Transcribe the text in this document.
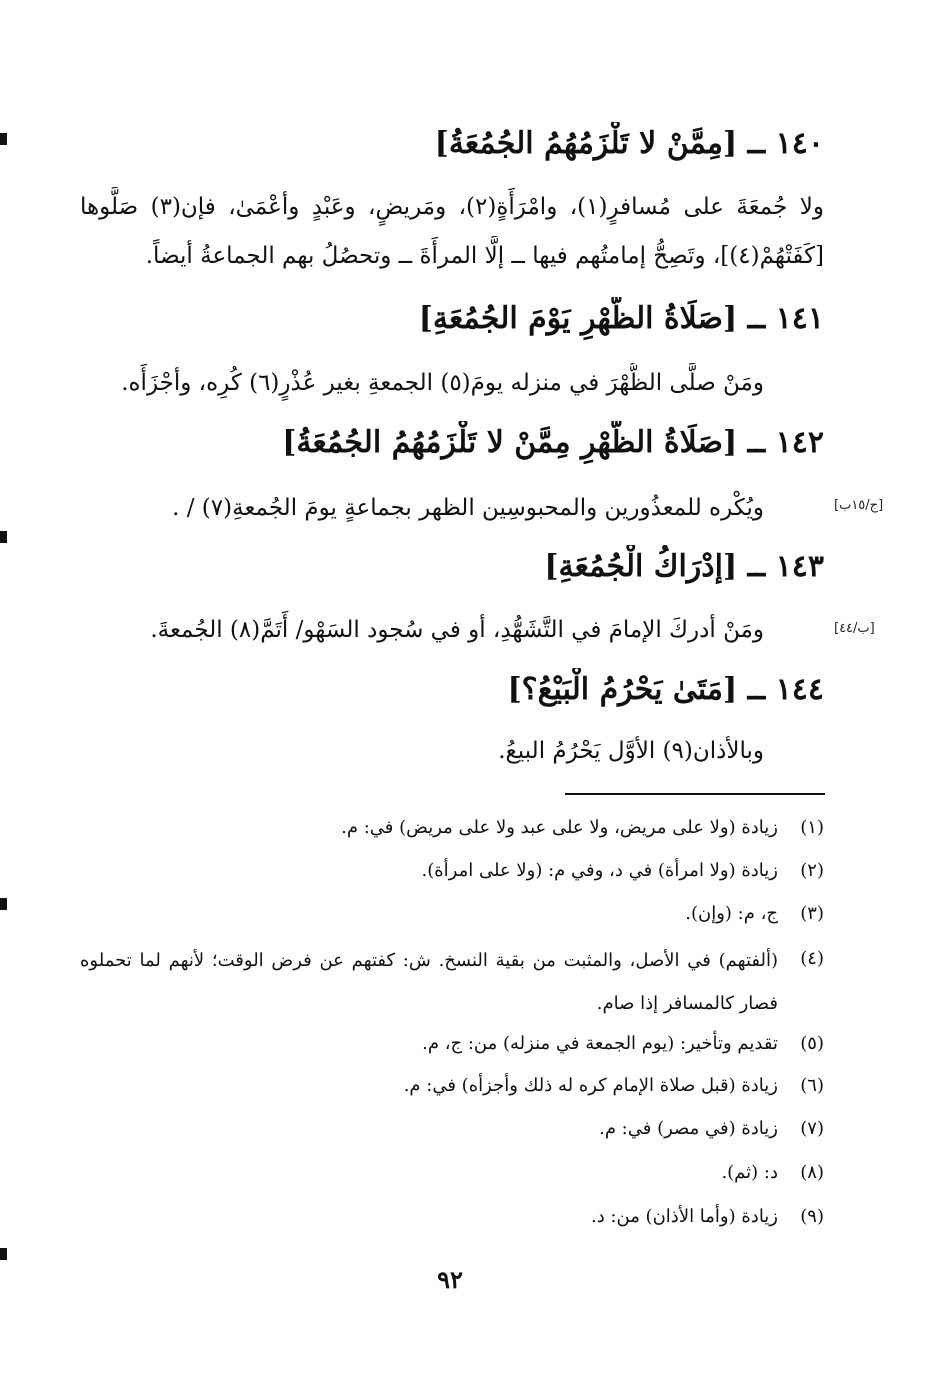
١٤٠ ــ [مِمَّنْ لا تَلْزَمُهُمُ الجُمُعَةُ]
ولا جُمعَةَ على مُسافرٍ(١)، وامْرَأَةٍ(٢)، ومَريضٍ، وعَبْدٍ وأعْمَىٰ، فإن(٣) صَلَّوها
[كَفَتْهُمْ(٤)]، وتَصِحُّ إمامتُهم فيها ــ إلَّا المرأَةَ ــ وتحصُلُ بهم الجماعةُ أيضاً.
١٤١ ــ [صَلَاةُ الظُّهْرِ يَوْمَ الجُمُعَةِ]
ومَنْ صلَّى الظُّهْرَ في منزله يومَ(٥) الجمعةِ بغير عُذْرٍ(٦) كُرِه، وأجْزَأَه.
١٤٢ ــ [صَلَاةُ الظُّهْرِ مِمَّنْ لا تَلْزَمُهُمُ الجُمُعَةُ]
[ج/١٥ب]
ويُكْره للمعذُورين والمحبوسِين الظهر بجماعةٍ يومَ الجُمعةِ(٧) / .
١٤٣ ــ [إدْرَاكُ الْجُمُعَةِ]
[ب/٤٤]
ومَنْ أدركَ الإمامَ في التَّشَهُّدِ، أو في سُجود السَهْو/ أَتَمَّ(٨) الجُمعةَ.
١٤٤ ــ [مَتَىٰ يَحْرُمُ الْبَيْعُ؟]
وبالأذان(٩) الأوَّل يَحْرُمُ البيعُ.
(١)
زيادة (ولا على مريض، ولا على عبد ولا على مريض) في: م.
(٢)
زيادة (ولا امرأة) في د، وفي م: (ولا على امرأة).
(٣)
ج، م: (وإن).
(٤)
(ألفتهم) في الأصل، والمثبت من بقية النسخ. ش: كفتهم عن فرض الوقت؛ لأنهم لما تحملوه فصار كالمسافر إذا صام.
(٥)
تقديم وتأخير: (يوم الجمعة في منزله) من: ج، م.
(٦)
زيادة (قبل صلاة الإمام كره له ذلك وأجزأه) في: م.
(٧)
زيادة (في مصر) في: م.
(٨)
د: (ثم).
(٩)
زيادة (وأما الأذان) من: د.
٩٢
